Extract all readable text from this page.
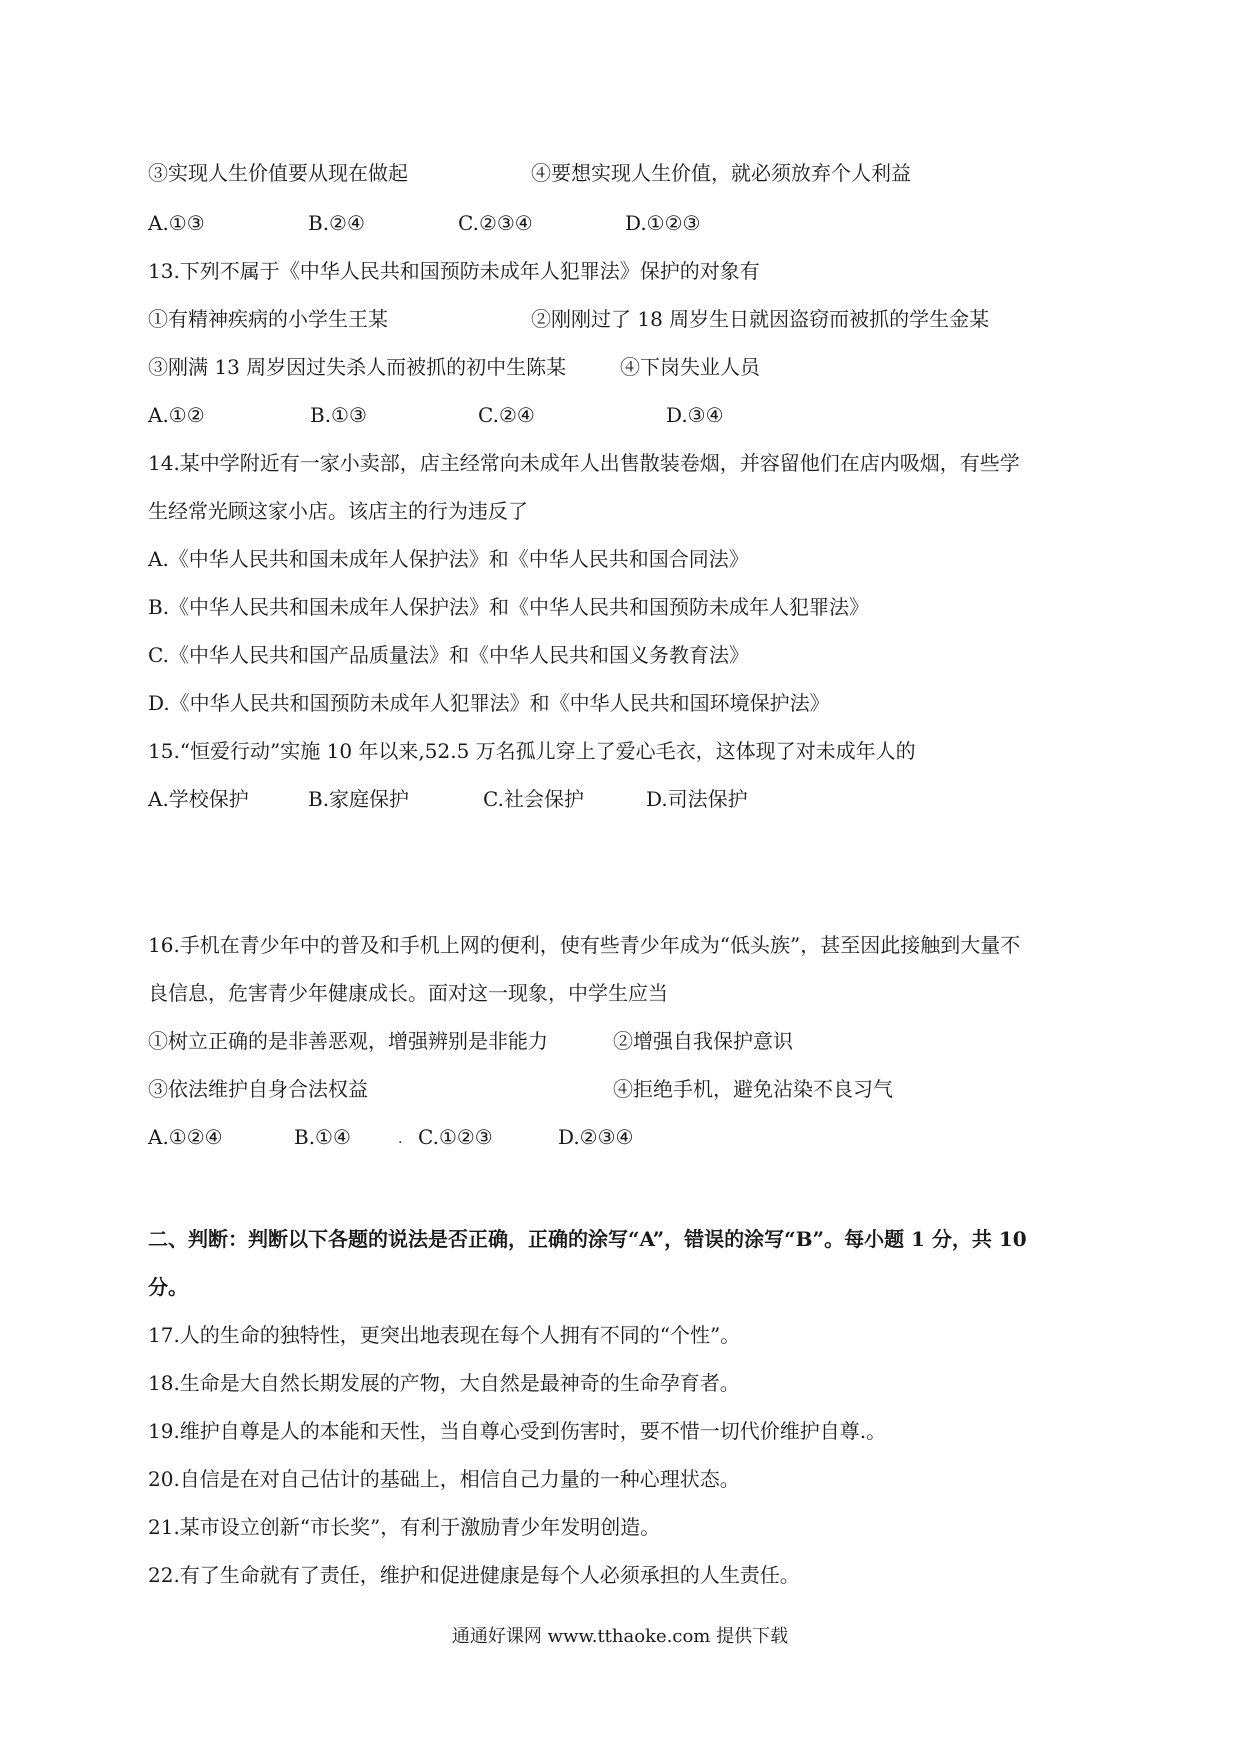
③实现人生价值要从现在做起	④要想实现人生价值，就必须放弃个人利益
A.①③	B.②④	C.②③④	D.①②③
13.下列不属于《中华人民共和国预防未成年人犯罪法》保护的对象有
①有精神疾病的小学生王某	②刚刚过了 18 周岁生日就因盗窃而被抓的学生金某
③刚满 13 周岁因过失杀人而被抓的初中生陈某	④下岗失业人员
A.①②	B.①③	C.②④	D.③④
14.某中学附近有一家小卖部，店主经常向未成年人出售散装卷烟，并容留他们在店内吸烟，有些学
生经常光顾这家小店。该店主的行为违反了
A.《中华人民共和国未成年人保护法》和《中华人民共和国合同法》
B.《中华人民共和国未成年人保护法》和《中华人民共和国预防未成年人犯罪法》
C.《中华人民共和国产品质量法》和《中华人民共和国义务教育法》
D.《中华人民共和国预防未成年人犯罪法》和《中华人民共和国环境保护法》
15.“恒爱行动”实施 10 年以来,52.5 万名孤儿穿上了爱心毛衣，这体现了对未成年人的
A.学校保护	B.家庭保护	C.社会保护	D.司法保护
16.手机在青少年中的普及和手机上网的便利，使有些青少年成为“低头族”，甚至因此接触到大量不
良信息，危害青少年健康成长。面对这一现象，中学生应当
①树立正确的是非善恶观，增强辨别是非能力	②增强自我保护意识
③依法维护自身合法权益	④拒绝手机，避免沾染不良习气
A.①②④	B.①④	. C.①②③	D.②③④
二、判断：判断以下各题的说法是否正确，正确的涂写“A”，错误的涂写“B”。每小题 1 分，共 10
分。
17.人的生命的独特性，更突出地表现在每个人拥有不同的“个性”。
18.生命是大自然长期发展的产物，大自然是最神奇的生命孕育者。
19.维护自尊是人的本能和天性，当自尊心受到伤害时，要不惜一切代价维护自尊.。
20.自信是在对自己估计的基础上，相信自己力量的一种心理状态。
21.某市设立创新“市长奖”，有利于激励青少年发明创造。
22.有了生命就有了责任，维护和促进健康是每个人必须承担的人生责任。
通通好课网 www.tthaoke.com 提供下载
